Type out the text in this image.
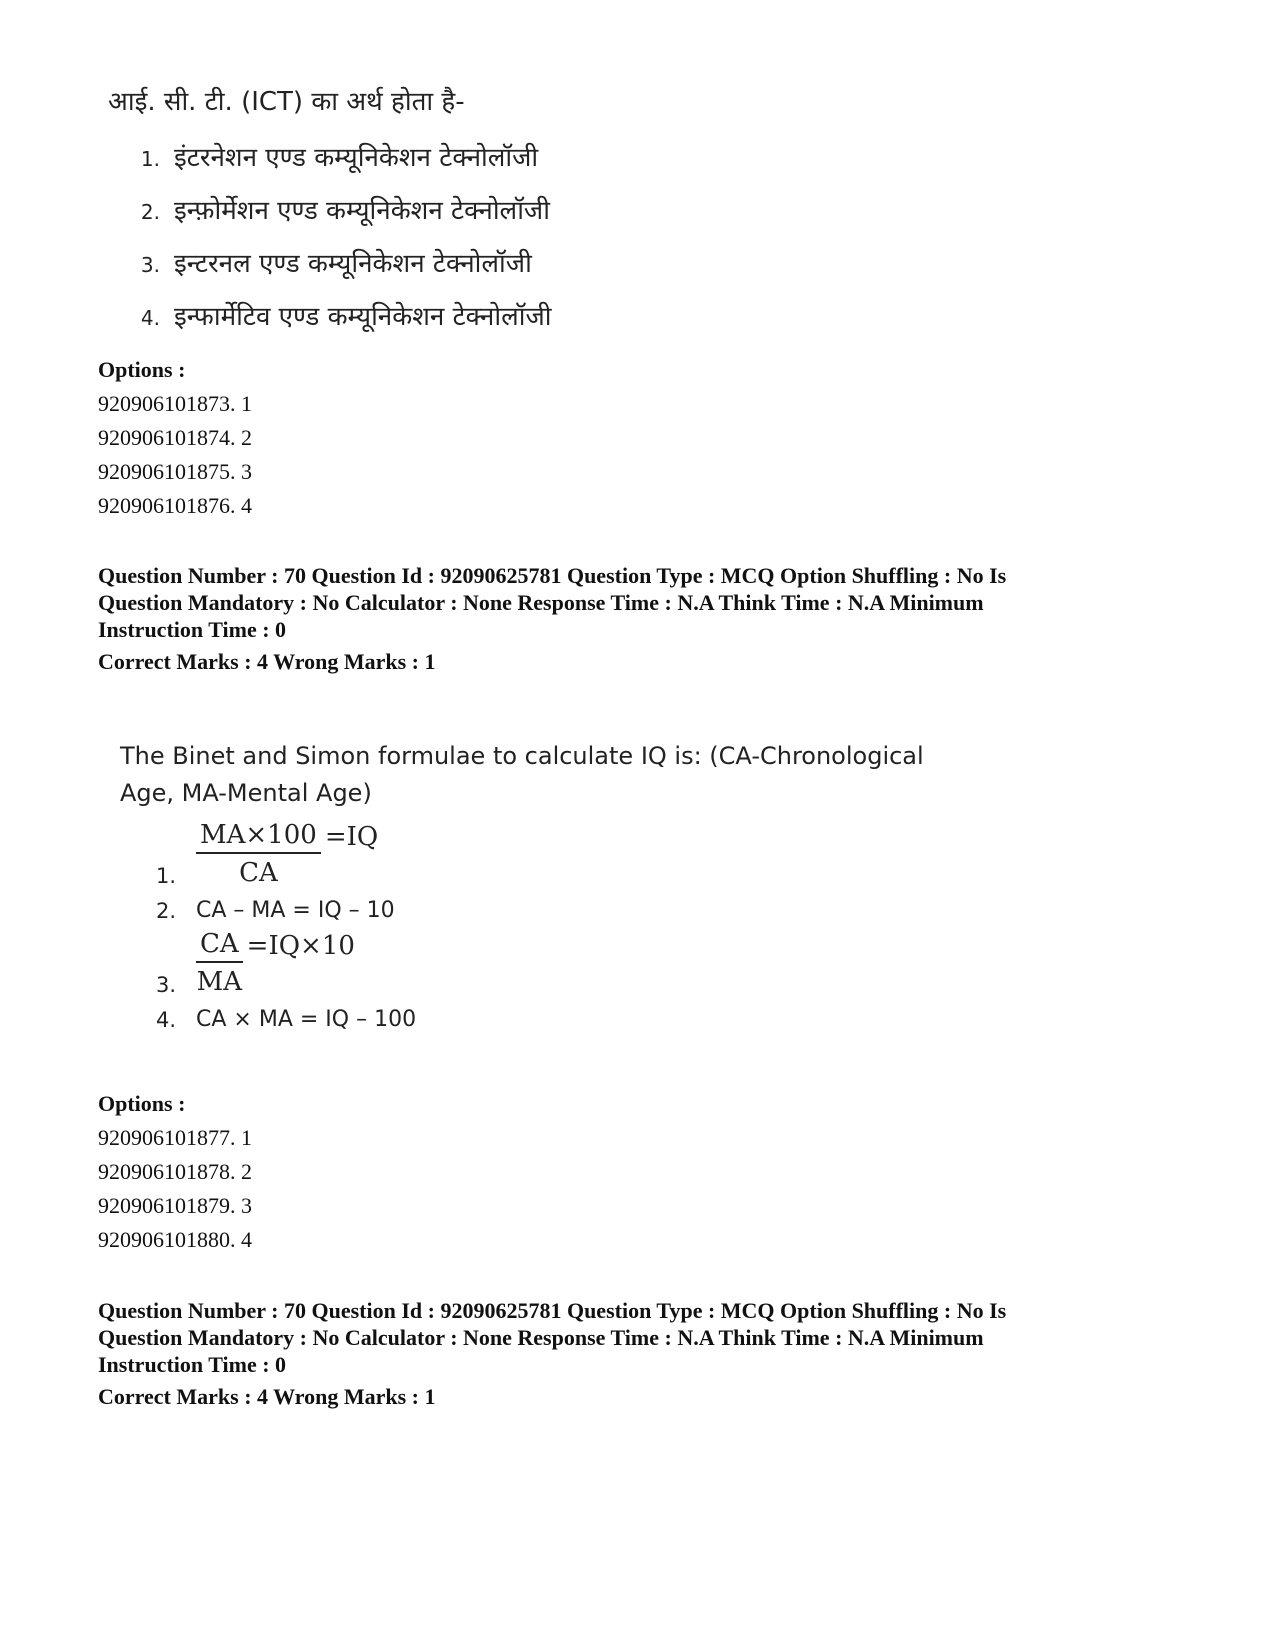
आई. सी. टी. (ICT) का अर्थ होता है-

1. इंटरनेशन एण्ड कम्यूनिकेशन टेक्नोलॉजी
2. इन्फ़ोर्मेशन एण्ड कम्यूनिकेशन टेक्नोलॉजी
3. इन्टरनल एण्ड कम्यूनिकेशन टेक्नोलॉजी
4. इन्फार्मेटिव एण्ड कम्यूनिकेशन टेक्नोलॉजी
Options :
920906101873. 1
920906101874. 2
920906101875. 3
920906101876. 4
Question Number : 70 Question Id : 92090625781 Question Type : MCQ Option Shuffling : No Is
Question Mandatory : No Calculator : None Response Time : N.A Think Time : N.A Minimum
Instruction Time : 0
Correct Marks : 4 Wrong Marks : 1

The Binet and Simon formulae to calculate IQ is: (CA-Chronological Age, MA-Mental Age)

1. $\frac{MA\times 100}{CA} =IQ$
2. CA – MA = IQ – 10
3. $\frac{CA}{MA} =IQ\times 10$
4. CA × MA = IQ – 100
Options :
920906101877. 1
920906101878. 2
920906101879. 3
920906101880. 4
Question Number : 70 Question Id : 92090625781 Question Type : MCQ Option Shuffling : No Is
Question Mandatory : No Calculator : None Response Time : N.A Think Time : N.A Minimum
Instruction Time : 0
Correct Marks : 4 Wrong Marks : 1
